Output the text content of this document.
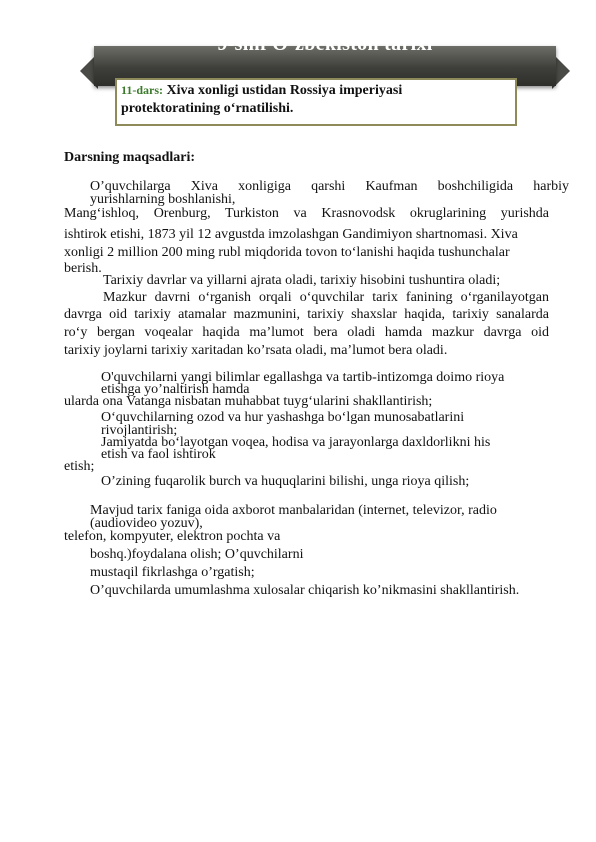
9-sinf O’zbekiston tarixi
11-dars: Xiva xonligi ustidan Rossiya imperiyasi
protektoratining o‘rnatilishi.
Darsning maqsadlari:
O’quvchilarga Xiva xonligiga qarshi Kaufman boshchiligida harbiy
yurishlarning boshlanishi,
Mang‘ishloq, Orenburg, Turkiston va Krasnovodsk okruglarining yurishda
ishtirok etishi, 1873 yil 12 avgustda imzolashgan Gandimiyon shartnomasi. Xiva
xonligi 2 million 200 ming rubl miqdorida tovon to‘lanishi haqida tushunchalar
berish.
Tarixiy davrlar va yillarni ajrata oladi, tarixiy hisobini tushuntira oladi;
Mazkur davrni o‘rganish orqali o‘quvchilar tarix fanining o‘rganilayotgan
davrga oid tarixiy atamalar mazmunini, tarixiy shaxslar haqida, tarixiy sanalarda
ro‘y bergan voqealar haqida ma’lumot bera oladi hamda mazkur davrga oid
tarixiy joylarni tarixiy xaritadan ko’rsata oladi, ma’lumot bera oladi.
O'quvchilarni yangi bilimlar egallashga va tartib-intizomga doimo rioya
etishga yo’naltirish hamda
ularda ona Vatanga nisbatan muhabbat tuyg‘ularini shakllantirish;
O‘quvchilarning ozod va hur yashashga bo‘lgan munosabatlarini
rivojlantirish;
Jamiyatda bo‘layotgan voqea, hodisa va jarayonlarga daxldorlikni his
etish va faol ishtirok
etish;
O’zining fuqarolik burch va huquqlarini bilishi, unga rioya qilish;
Mavjud tarix faniga oida axborot manbalaridan (internet, televizor, radio
(audiovideo yozuv),
telefon, kompyuter, elektron pochta va
boshq.)foydalana olish; O’quvchilarni
mustaqil fikrlashga o’rgatish;
O’quvchilarda umumlashma xulosalar chiqarish ko’nikmasini shakllantirish.
